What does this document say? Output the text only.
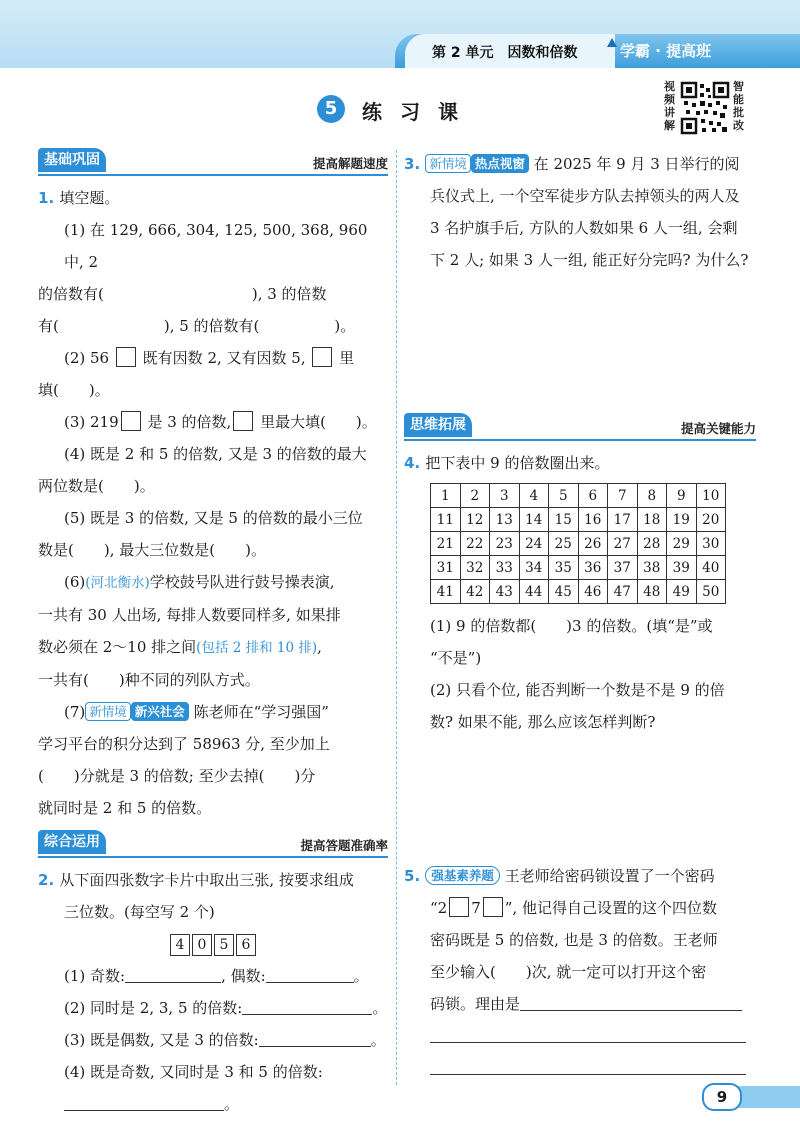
第 2 单元　因数和倍数	学霸 · 提高班
5	练习课
视频讲解
智能批改
基础巩固	提高解题速度

1. 填空题。

(1) 在 129, 666, 304, 125, 500, 368, 960 中, 2

的倍数有(	), 3 的倍数

有(	), 5 的倍数有(	)。

(2) 56 既有因数 2, 又有因数 5, 里

填(　　)。

(3) 219 是 3 的倍数, 里最大填(　　)。

(4) 既是 2 和 5 的倍数, 又是 3 的倍数的最大

两位数是(　　)。

(5) 既是 3 的倍数, 又是 5 的倍数的最小三位

数是(　　), 最大三位数是(　　)。

(6)(河北衡水)学校鼓号队进行鼓号操表演,

一共有 30 人出场, 每排人数要同样多, 如果排

数必须在 2～10 排之间(包括 2 排和 10 排),

一共有(　　)种不同的列队方式。

(7) 新情境 新兴社会 陈老师在“学习强国”

学习平台的积分达到了 58963 分, 至少加上

(　　)分就是 3 的倍数; 至少去掉(　　)分

就同时是 2 和 5 的倍数。

综合运用	提高答题准确率

2. 从下面四张数字卡片中取出三张, 按要求组成

三位数。(每空写 2 个)

4 0 5 6

(1) 奇数:	, 偶数:	。

(2) 同时是 2, 3, 5 的倍数:	。

(3) 既是偶数, 又是 3 的倍数:	。

(4) 既是奇数, 又同时是 3 和 5 的倍数:

。

3. 新情境 热点视窗 在 2025 年 9 月 3 日举行的阅

兵仪式上, 一个空军徒步方队去掉领头的两人及

3 名护旗手后, 方队的人数如果 6 人一组, 会剩

下 2 人; 如果 3 人一组, 能正好分完吗? 为什么?

思维拓展	提高关键能力

4. 把下表中 9 的倍数圈出来。

1	2	3	4	5	6	7	8	9	10
11	12	13	14	15	16	17	18	19	20
21	22	23	24	25	26	27	28	29	30
31	32	33	34	35	36	37	38	39	40
41	42	43	44	45	46	47	48	49	50

(1) 9 的倍数都(　　)3 的倍数。(填“是”或

“不是”)

(2) 只看个位, 能否判断一个数是不是 9 的倍

数? 如果不能, 那么应该怎样判断?

5. 强基素养题 王老师给密码锁设置了一个密码

“2 7 ”, 他记得自己设置的这个四位数

密码既是 5 的倍数, 也是 3 的倍数。王老师

至少输入(　　)次, 就一定可以打开这个密

码锁。理由是

9
